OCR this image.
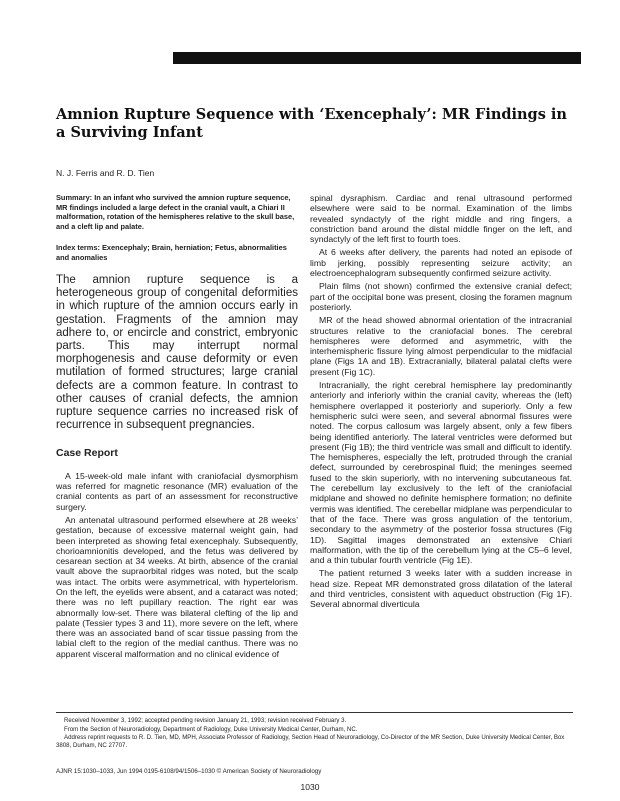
Amnion Rupture Sequence with ‘Exencephaly’: MR Findings in a Surviving Infant
N. J. Ferris and R. D. Tien

Summary: In an infant who survived the amnion rupture sequence, MR findings included a large defect in the cranial vault, a Chiari II malformation, rotation of the hemispheres relative to the skull base, and a cleft lip and palate.

Index terms: Exencephaly; Brain, herniation; Fetus, abnormalities and anomalies

The amnion rupture sequence is a heterogeneous group of congenital deformities in which rupture of the amnion occurs early in gestation. Fragments of the amnion may adhere to, or encircle and constrict, embryonic parts. This may interrupt normal morphogenesis and cause deformity or even mutilation of formed structures; large cranial defects are a common feature. In contrast to other causes of cranial defects, the amnion rupture sequence carries no increased risk of recurrence in subsequent pregnancies.

Case Report

A 15-week-old male infant with craniofacial dysmorphism was referred for magnetic resonance (MR) evaluation of the cranial contents as part of an assessment for reconstructive surgery.

An antenatal ultrasound performed elsewhere at 28 weeks’ gestation, because of excessive maternal weight gain, had been interpreted as showing fetal exencephaly. Subsequently, chorioamnionitis developed, and the fetus was delivered by cesarean section at 34 weeks. At birth, absence of the cranial vault above the supraorbital ridges was noted, but the scalp was intact. The orbits were asymmetrical, with hypertelorism. On the left, the eyelids were absent, and a cataract was noted; there was no left pupillary reaction. The right ear was abnormally low-set. There was bilateral clefting of the lip and palate (Tessier types 3 and 11), more severe on the left, where there was an associated band of scar tissue passing from the labial cleft to the region of the medial canthus. There was no apparent visceral malformation and no clinical evidence of

spinal dysraphism. Cardiac and renal ultrasound performed elsewhere were said to be normal. Examination of the limbs revealed syndactyly of the right middle and ring fingers, a constriction band around the distal middle finger on the left, and syndactyly of the left first to fourth toes.

At 6 weeks after delivery, the parents had noted an episode of limb jerking, possibly representing seizure activity; an electroencephalogram subsequently confirmed seizure activity.

Plain films (not shown) confirmed the extensive cranial defect; part of the occipital bone was present, closing the foramen magnum posteriorly.

MR of the head showed abnormal orientation of the intracranial structures relative to the craniofacial bones. The cerebral hemispheres were deformed and asymmetric, with the interhemispheric fissure lying almost perpendicular to the midfacial plane (Figs 1A and 1B). Extracranially, bilateral palatal clefts were present (Fig 1C).

Intracranially, the right cerebral hemisphere lay predominantly anteriorly and inferiorly within the cranial cavity, whereas the (left) hemisphere overlapped it posteriorly and superiorly. Only a few hemispheric sulci were seen, and several abnormal fissures were noted. The corpus callosum was largely absent, only a few fibers being identified anteriorly. The lateral ventricles were deformed but present (Fig 1B); the third ventricle was small and difficult to identify. The hemispheres, especially the left, protruded through the cranial defect, surrounded by cerebrospinal fluid; the meninges seemed fused to the skin superiorly, with no intervening subcutaneous fat. The cerebellum lay exclusively to the left of the craniofacial midplane and showed no definite hemisphere formation; no definite vermis was identified. The cerebellar midplane was perpendicular to that of the face. There was gross angulation of the tentorium, secondary to the asymmetry of the posterior fossa structures (Fig 1D). Sagittal images demonstrated an extensive Chiari malformation, with the tip of the cerebellum lying at the C5–6 level, and a thin tubular fourth ventricle (Fig 1E).

The patient returned 3 weeks later with a sudden increase in head size. Repeat MR demonstrated gross dilatation of the lateral and third ventricles, consistent with aqueduct obstruction (Fig 1F). Several abnormal diverticula

Received November 3, 1992; accepted pending revision January 21, 1993; revision received February 3.

From the Section of Neuroradiology, Department of Radiology, Duke University Medical Center, Durham, NC.

Address reprint requests to R. D. Tien, MD, MPH, Associate Professor of Radiology, Section Head of Neuroradiology, Co-Director of the MR Section, Duke University Medical Center, Box 3808, Durham, NC 27707.

AJNR 15:1030–1033, Jun 1994 0195-6108/94/1506–1030 © American Society of Neuroradiology
1030
